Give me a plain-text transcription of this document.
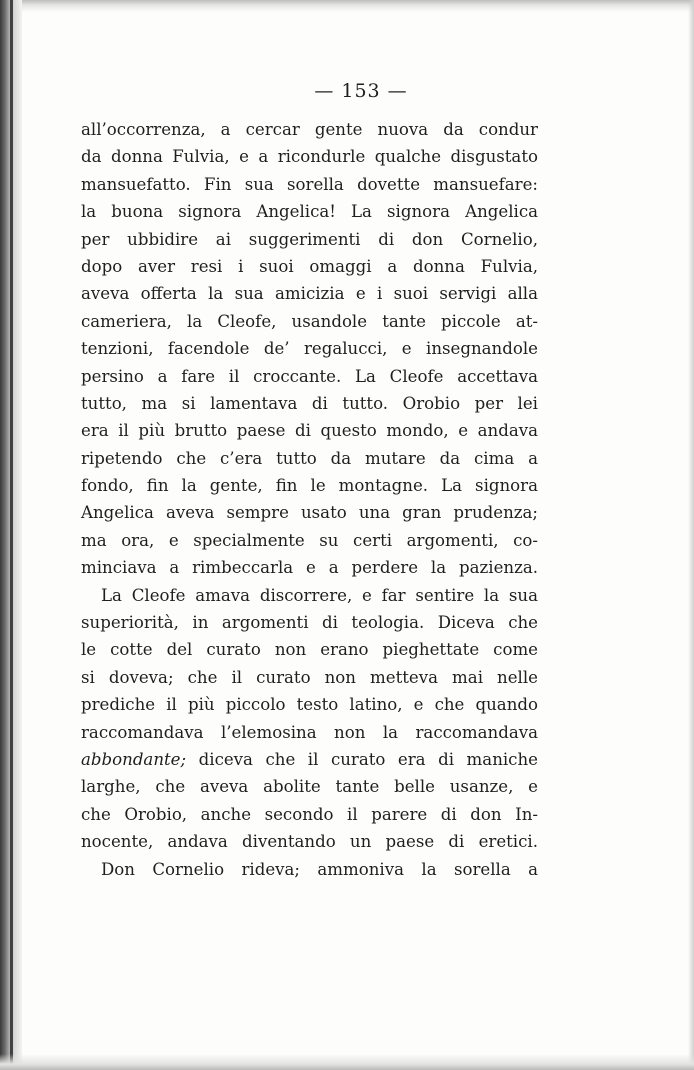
— 153 —
all’occorrenza, a cercar gente nuova da condur
da donna Fulvia, e a ricondurle qualche disgustato
mansuefatto. Fin sua sorella dovette mansuefare:
la buona signora Angelica! La signora Angelica
per ubbidire ai suggerimenti di don Cornelio,
dopo aver resi i suoi omaggi a donna Fulvia,
aveva offerta la sua amicizia e i suoi servigi alla
cameriera, la Cleofe, usandole tante piccole at-
tenzioni, facendole de’ regalucci, e insegnandole
persino a fare il croccante. La Cleofe accettava
tutto, ma si lamentava di tutto. Orobio per lei
era il più brutto paese di questo mondo, e andava
ripetendo che c’era tutto da mutare da cima a
fondo, fin la gente, fin le montagne. La signora
Angelica aveva sempre usato una gran prudenza;
ma ora, e specialmente su certi argomenti, co-
minciava a rimbeccarla e a perdere la pazienza.
La Cleofe amava discorrere, e far sentire la sua
superiorità, in argomenti di teologia. Diceva che
le cotte del curato non erano pieghettate come
si doveva; che il curato non metteva mai nelle
prediche il più piccolo testo latino, e che quando
raccomandava l’elemosina non la raccomandava
abbondante; diceva che il curato era di maniche
larghe, che aveva abolite tante belle usanze, e
che Orobio, anche secondo il parere di don In-
nocente, andava diventando un paese di eretici.
Don Cornelio rideva; ammoniva la sorella a
